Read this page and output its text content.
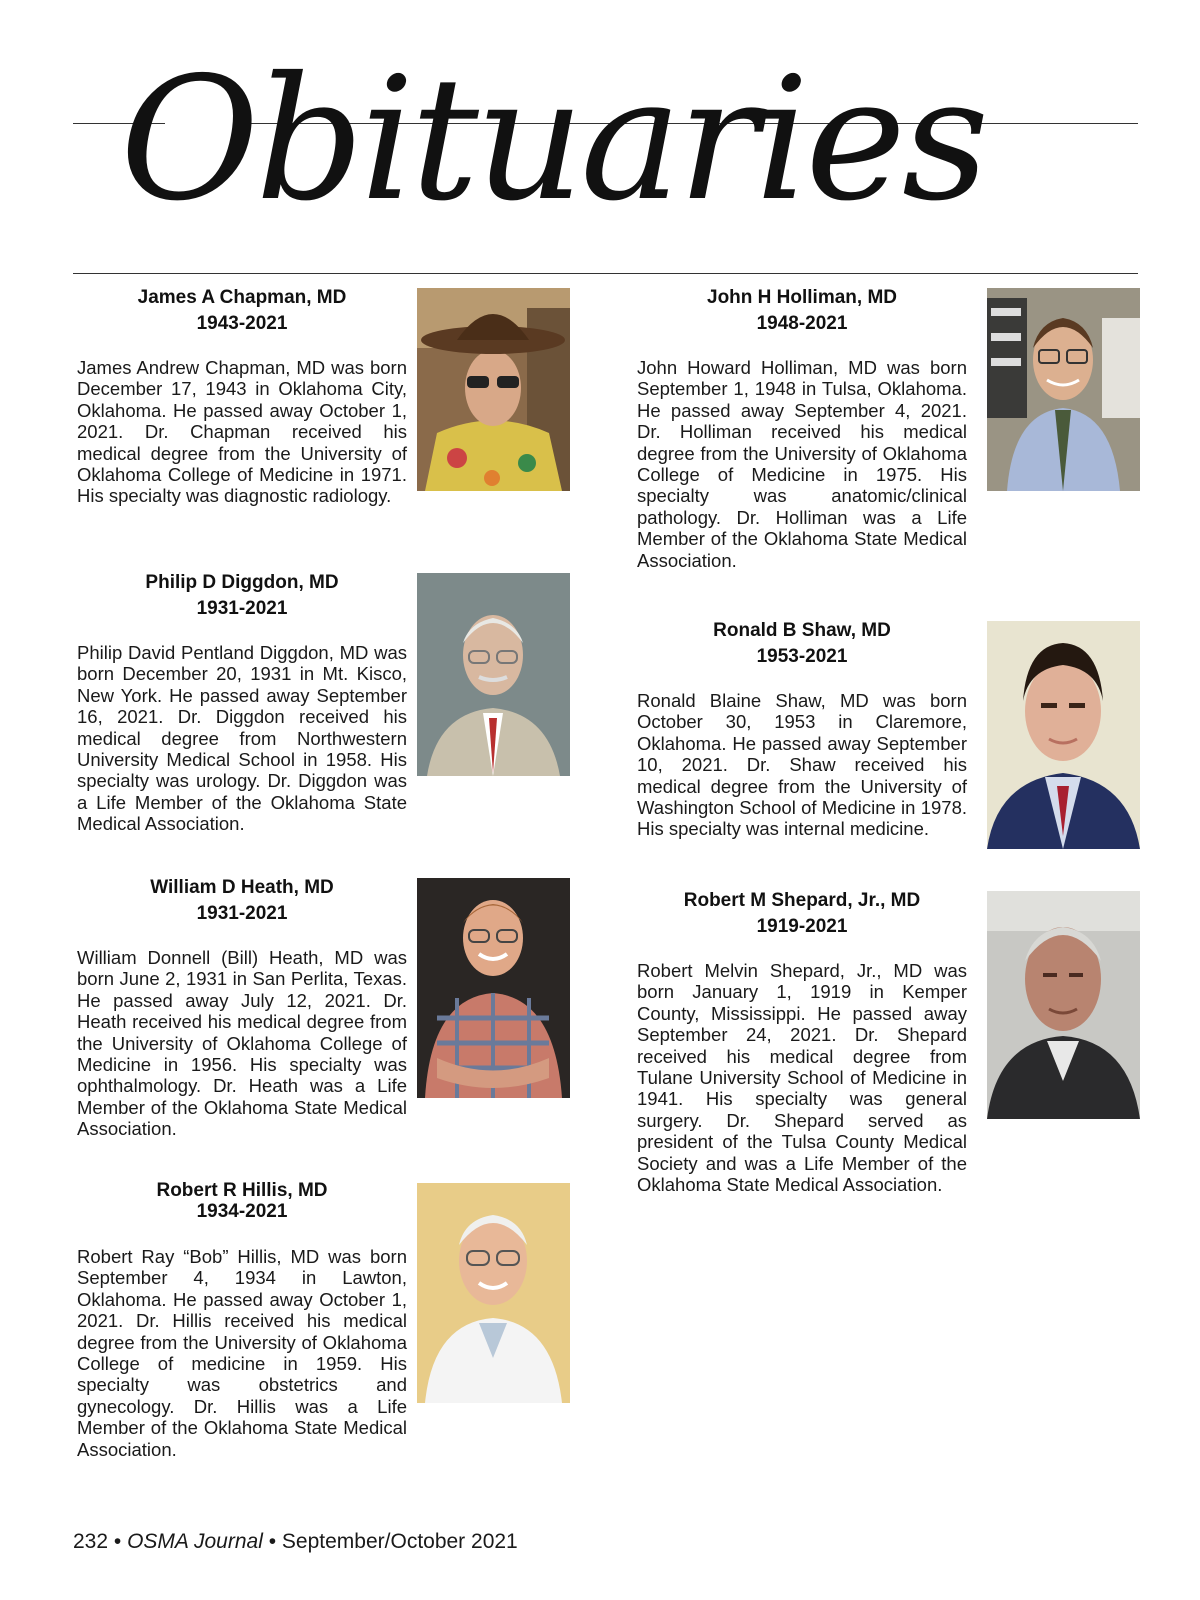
Obituaries
James A Chapman, MD
1943-2021
James Andrew Chapman, MD was born December 17, 1943 in Oklahoma City, Oklahoma. He passed away October 1, 2021. Dr. Chapman received his medical degree from the University of Oklahoma College of Medicine in 1971. His specialty was diagnostic radiology.
Philip D Diggdon, MD
1931-2021
Philip David Pentland Diggdon, MD was born December 20, 1931 in Mt. Kisco, New York. He passed away September 16, 2021. Dr. Diggdon received his medical degree from Northwestern University Medical School in 1958. His specialty was urology. Dr. Diggdon was a Life Member of the Oklahoma State Medical Association.
William D Heath, MD
1931-2021
William Donnell (Bill) Heath, MD was born June 2, 1931 in San Perlita, Texas. He passed away July 12, 2021. Dr. Heath received his medical degree from the University of Oklahoma College of Medicine in 1956. His specialty was ophthalmology. Dr. Heath was a Life Member of the Oklahoma State Medical Association.
Robert R Hillis, MD
1934-2021
Robert Ray “Bob” Hillis, MD was born September 4, 1934 in Lawton, Oklahoma. He passed away October 1, 2021. Dr. Hillis received his medical degree from the University of Oklahoma College of medicine in 1959. His specialty was obstetrics and gynecology. Dr. Hillis was a Life Member of the Oklahoma State Medical Association.
John H Holliman, MD
1948-2021
John Howard Holliman, MD was born September 1, 1948 in Tulsa, Oklahoma. He passed away September 4, 2021. Dr. Holliman received his medical degree from the University of Oklahoma College of Medicine in 1975. His specialty was anatomic/clinical pathology. Dr. Holliman was a Life Member of the Oklahoma State Medical Association.
Ronald B Shaw, MD
1953-2021
Ronald Blaine Shaw, MD was born October 30, 1953 in Claremore, Oklahoma. He passed away September 10, 2021. Dr. Shaw received his medical degree from the University of Washington School of Medicine in 1978. His specialty was internal medicine.
Robert M Shepard, Jr., MD
1919-2021
Robert Melvin Shepard, Jr., MD was born January 1, 1919 in Kemper County, Mississippi. He passed away September 24, 2021. Dr. Shepard received his medical degree from Tulane University School of Medicine in 1941. His specialty was general surgery. Dr. Shepard served as president of the Tulsa County Medical Society and was a Life Member of the Oklahoma State Medical Association.
232 • OSMA Journal • September/October 2021
